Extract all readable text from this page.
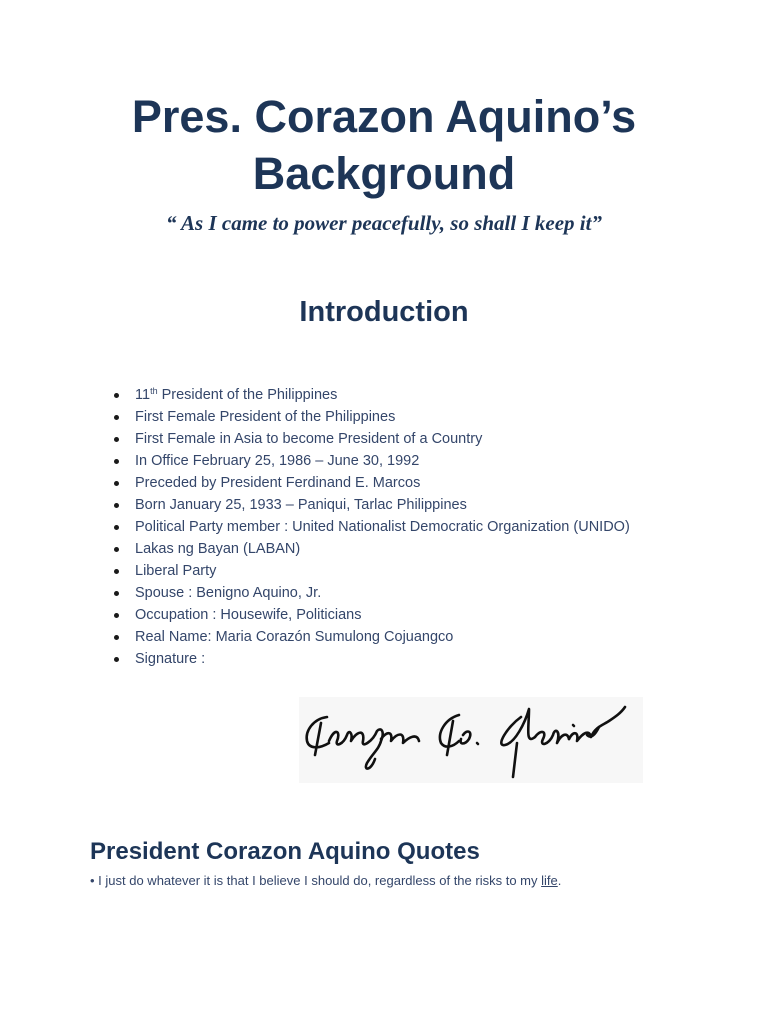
Pres. Corazon Aquino’s
Background

“ As I came to power peacefully, so shall I keep it”

Introduction
11th President of the Philippines
First Female President of the Philippines
First Female in Asia to become President of a Country
In Office February 25, 1986 – June 30, 1992
Preceded by President Ferdinand E. Marcos
Born January 25, 1933 – Paniqui, Tarlac Philippines
Political Party member : United Nationalist Democratic Organization (UNIDO)
Lakas ng Bayan (LABAN)
Liberal Party
Spouse : Benigno Aquino, Jr.
Occupation : Housewife, Politicians
Real Name: Maria Corazón Sumulong Cojuangco
Signature :
President Corazon Aquino Quotes

• I just do whatever it is that I believe I should do, regardless of the risks to my life.
